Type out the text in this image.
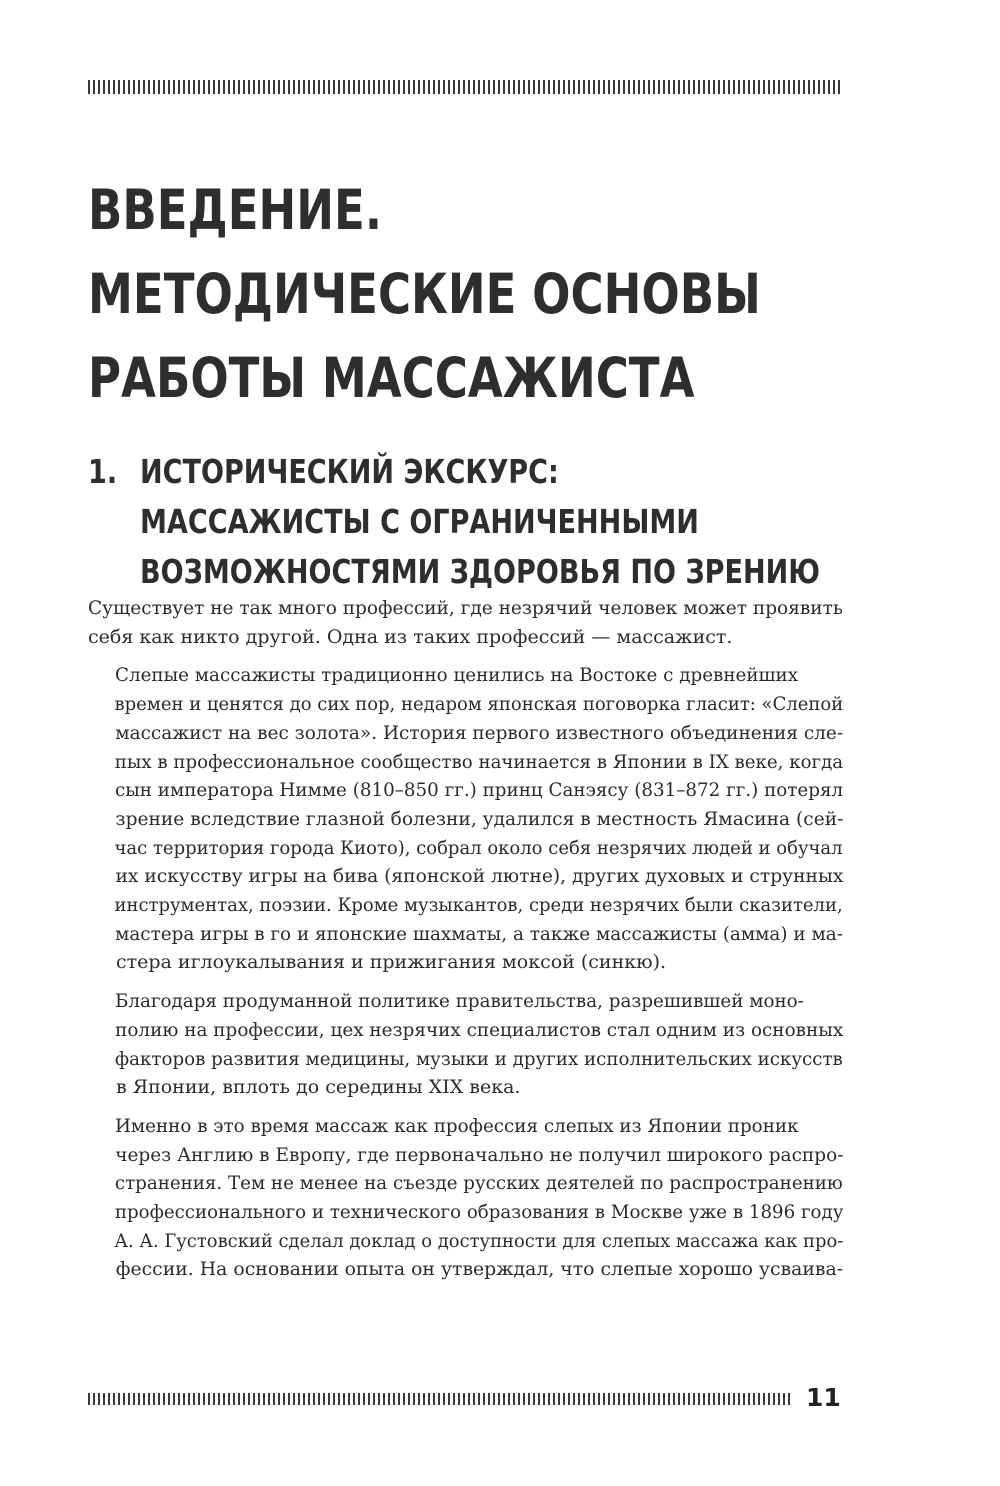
ВВЕДЕНИЕ.
МЕТОДИЧЕСКИЕ ОСНОВЫ
РАБОТЫ МАССАЖИСТА
1. ИСТОРИЧЕСКИЙ ЭКСКУРС:
МАССАЖИСТЫ С ОГРАНИЧЕННЫМИ
ВОЗМОЖНОСТЯМИ ЗДОРОВЬЯ ПО ЗРЕНИЮ

Существует не так много профессий, где незрячий человек может проявить
себя как никто другой. Одна из таких профессий — массажист.

Слепые массажисты традиционно ценились на Востоке с древнейших
времен и ценятся до сих пор, недаром японская поговорка гласит: «Слепой
массажист на вес золота». История первого известного объединения сле-
пых в профессиональное сообщество начинается в Японии в IX веке, когда
сын императора Нимме (810–850 гг.) принц Санэясу (831–872 гг.) потерял
зрение вследствие глазной болезни, удалился в местность Ямасина (сей-
час территория города Киото), собрал около себя незрячих людей и обучал
их искусству игры на бива (японской лютне), других духовых и струнных
инструментах, поэзии. Кроме музыкантов, среди незрячих были сказители,
мастера игры в го и японские шахматы, а также массажисты (амма) и ма-
стера иглоукалывания и прижигания моксой (синкю).

Благодаря продуманной политике правительства, разрешившей моно-
полию на профессии, цех незрячих специалистов стал одним из основных
факторов развития медицины, музыки и других исполнительских искусств
в Японии, вплоть до середины XIX века.

Именно в это время массаж как профессия слепых из Японии проник
через Англию в Европу, где первоначально не получил широкого распро-
странения. Тем не менее на съезде русских деятелей по распространению
профессионального и технического образования в Москве уже в 1896 году
А. А. Густовский сделал доклад о доступности для слепых массажа как про-
фессии. На основании опыта он утверждал, что слепые хорошо усваива-

11
